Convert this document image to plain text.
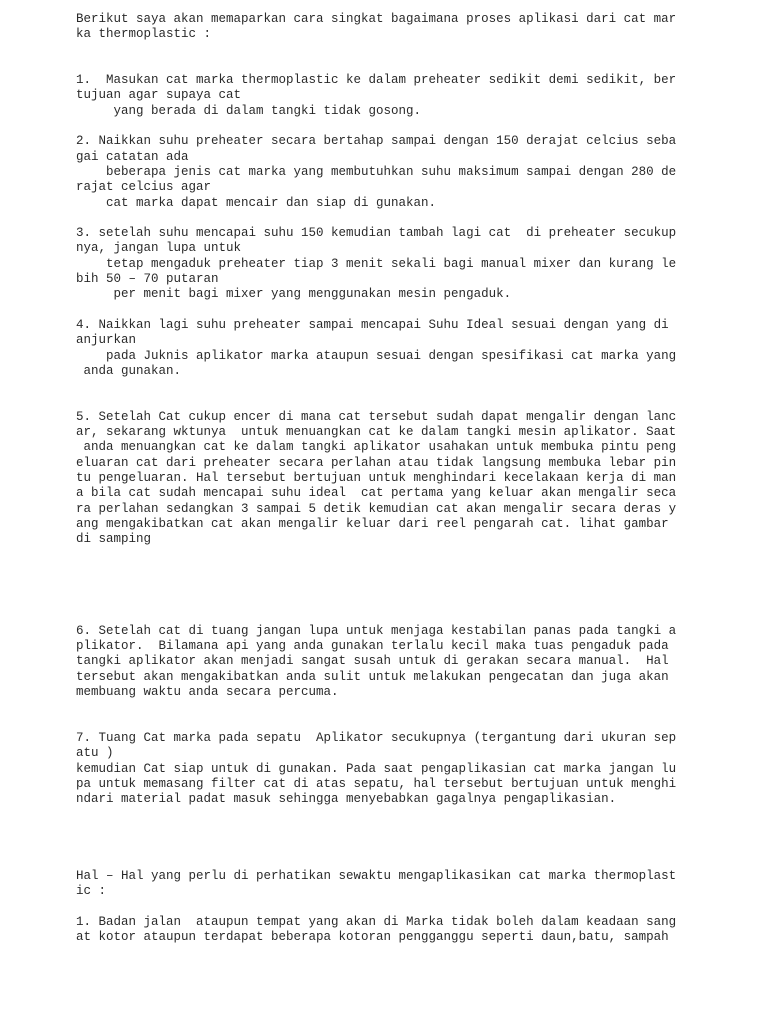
Berikut saya akan memaparkan cara singkat bagaimana proses aplikasi dari cat mar
ka thermoplastic :
1.  Masukan cat marka thermoplastic ke dalam preheater sedikit demi sedikit, ber
tujuan agar supaya cat
yang berada di dalam tangki tidak gosong.
2. Naikkan suhu preheater secara bertahap sampai dengan 150 derajat celcius seba
gai catatan ada
beberapa jenis cat marka yang membutuhkan suhu maksimum sampai dengan 280 de
rajat celcius agar
cat marka dapat mencair dan siap di gunakan.
3. setelah suhu mencapai suhu 150 kemudian tambah lagi cat  di preheater secukup
nya, jangan lupa untuk
tetap mengaduk preheater tiap 3 menit sekali bagi manual mixer dan kurang le
bih 50 – 70 putaran
per menit bagi mixer yang menggunakan mesin pengaduk.
4. Naikkan lagi suhu preheater sampai mencapai Suhu Ideal sesuai dengan yang di
anjurkan
pada Juknis aplikator marka ataupun sesuai dengan spesifikasi cat marka yang
anda gunakan.
5. Setelah Cat cukup encer di mana cat tersebut sudah dapat mengalir dengan lanc
ar, sekarang wktunya  untuk menuangkan cat ke dalam tangki mesin aplikator. Saat
anda menuangkan cat ke dalam tangki aplikator usahakan untuk membuka pintu peng
eluaran cat dari preheater secara perlahan atau tidak langsung membuka lebar pin
tu pengeluaran. Hal tersebut bertujuan untuk menghindari kecelakaan kerja di man
a bila cat sudah mencapai suhu ideal  cat pertama yang keluar akan mengalir seca
ra perlahan sedangkan 3 sampai 5 detik kemudian cat akan mengalir secara deras y
ang mengakibatkan cat akan mengalir keluar dari reel pengarah cat. lihat gambar
di samping
6. Setelah cat di tuang jangan lupa untuk menjaga kestabilan panas pada tangki a
plikator.  Bilamana api yang anda gunakan terlalu kecil maka tuas pengaduk pada
tangki aplikator akan menjadi sangat susah untuk di gerakan secara manual.  Hal
tersebut akan mengakibatkan anda sulit untuk melakukan pengecatan dan juga akan
membuang waktu anda secara percuma.
7. Tuang Cat marka pada sepatu  Aplikator secukupnya (tergantung dari ukuran sep
atu )
kemudian Cat siap untuk di gunakan. Pada saat pengaplikasian cat marka jangan lu
pa untuk memasang filter cat di atas sepatu, hal tersebut bertujuan untuk menghi
ndari material padat masuk sehingga menyebabkan gagalnya pengaplikasian.
Hal – Hal yang perlu di perhatikan sewaktu mengaplikasikan cat marka thermoplast
ic :
1. Badan jalan  ataupun tempat yang akan di Marka tidak boleh dalam keadaan sang
at kotor ataupun terdapat beberapa kotoran pengganggu seperti daun,batu, sampah
